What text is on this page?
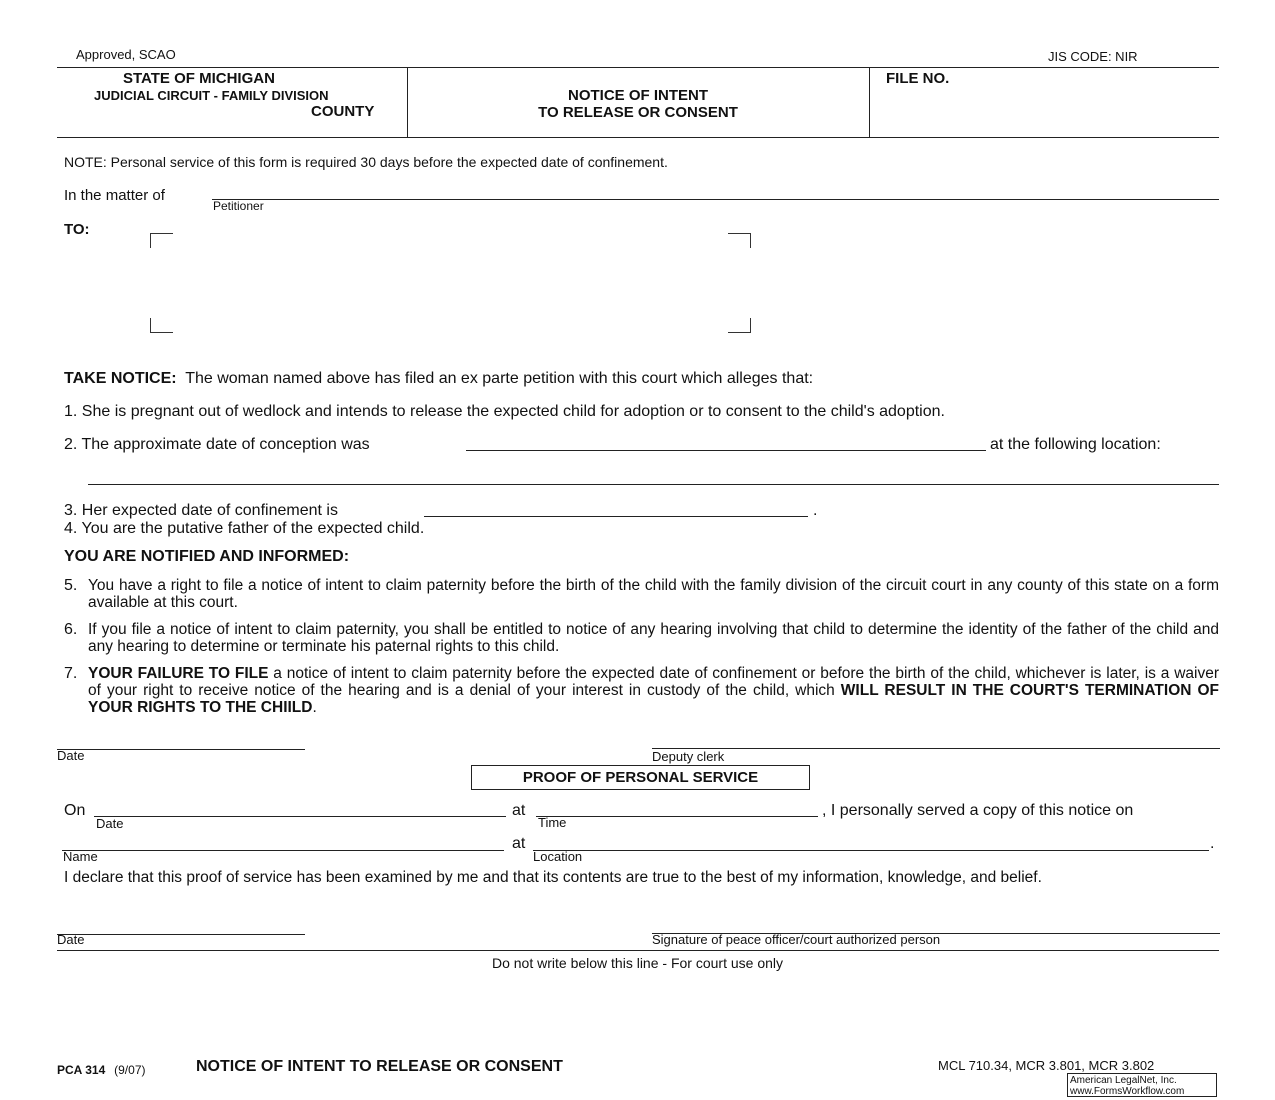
Approved, SCAO	JIS CODE: NIR
STATE OF MICHIGAN
JUDICIAL CIRCUIT - FAMILY DIVISION
COUNTY
NOTICE OF INTENT
TO RELEASE OR CONSENT
FILE NO.
NOTE: Personal service of this form is required 30 days before the expected date of confinement.
In the matter of
Petitioner
TO:
TAKE NOTICE: The woman named above has filed an ex parte petition with this court which alleges that:
1. She is pregnant out of wedlock and intends to release the expected child for adoption or to consent to the child's adoption.
2. The approximate date of conception was	at the following location:
3. Her expected date of confinement is	.
4. You are the putative father of the expected child.
YOU ARE NOTIFIED AND INFORMED:
5. You have a right to file a notice of intent to claim paternity before the birth of the child with the family division of the circuit court in any county of this state on a form available at this court.
6. If you file a notice of intent to claim paternity, you shall be entitled to notice of any hearing involving that child to determine the identity of the father of the child and any hearing to determine or terminate his paternal rights to this child.
7. YOUR FAILURE TO FILE a notice of intent to claim paternity before the expected date of confinement or before the birth of the child, whichever is later, is a waiver of your right to receive notice of the hearing and is a denial of your interest in custody of the child, which WILL RESULT IN THE COURT'S TERMINATION OF YOUR RIGHTS TO THE CHIILD.
Date	Deputy clerk
PROOF OF PERSONAL SERVICE
On
Date
at
Time
, I personally served a copy of this notice on
Name
at
Location
.
I declare that this proof of service has been examined by me and that its contents are true to the best of my information, knowledge, and belief.
Date	Signature of peace officer/court authorized person
Do not write below this line - For court use only
PCA 314 (9/07)	NOTICE OF INTENT TO RELEASE OR CONSENT	MCL 710.34, MCR 3.801, MCR 3.802
American LegalNet, Inc.
www.FormsWorkflow.com
